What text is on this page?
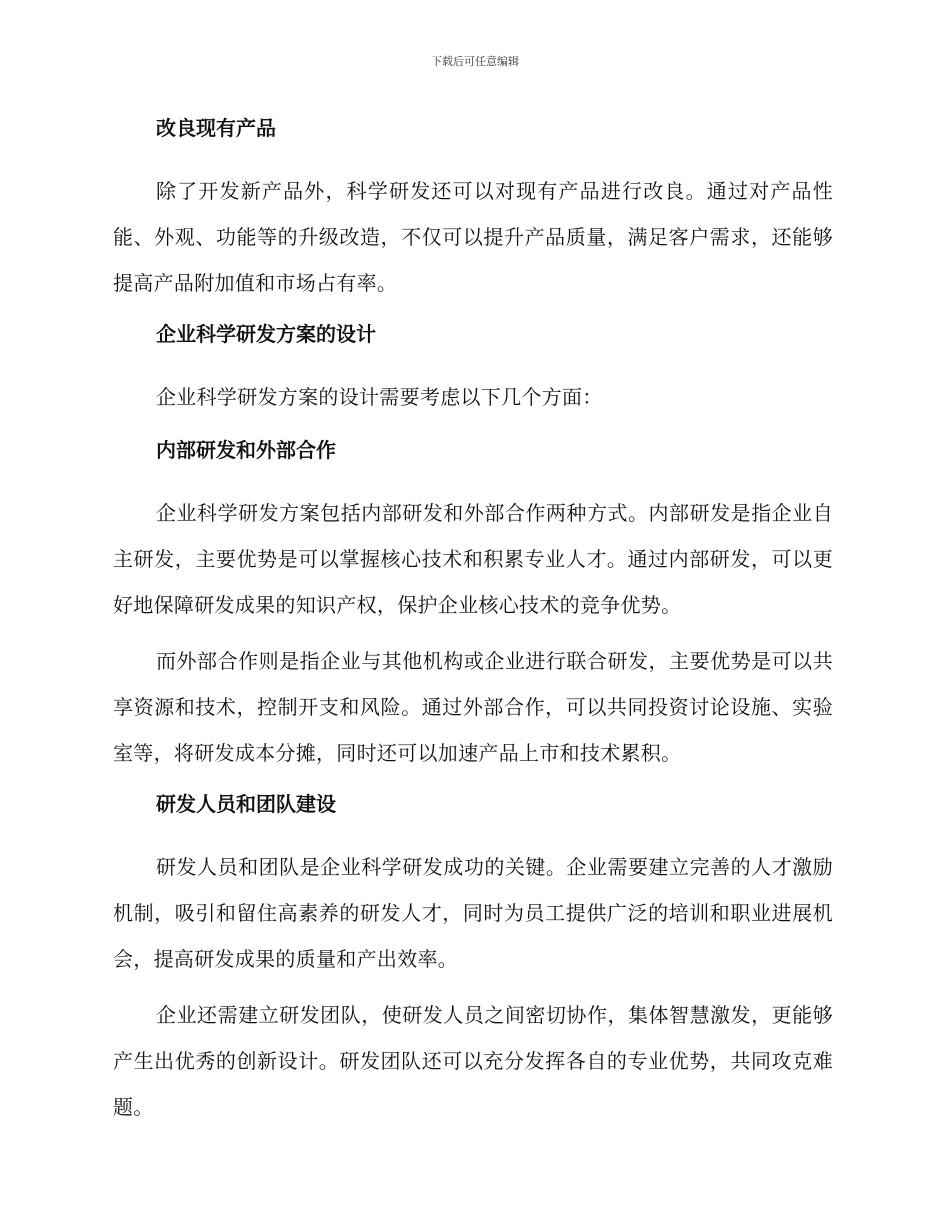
下载后可任意编辑
改良现有产品

除了开发新产品外，科学研发还可以对现有产品进行改良。通过对产品性能、外观、功能等的升级改造，不仅可以提升产品质量，满足客户需求，还能够提高产品附加值和市场占有率。

企业科学研发方案的设计

企业科学研发方案的设计需要考虑以下几个方面：

内部研发和外部合作

企业科学研发方案包括内部研发和外部合作两种方式。内部研发是指企业自主研发，主要优势是可以掌握核心技术和积累专业人才。通过内部研发，可以更好地保障研发成果的知识产权，保护企业核心技术的竞争优势。

而外部合作则是指企业与其他机构或企业进行联合研发，主要优势是可以共享资源和技术，控制开支和风险。通过外部合作，可以共同投资讨论设施、实验室等，将研发成本分摊，同时还可以加速产品上市和技术累积。

研发人员和团队建设

研发人员和团队是企业科学研发成功的关键。企业需要建立完善的人才激励机制，吸引和留住高素养的研发人才，同时为员工提供广泛的培训和职业进展机会，提高研发成果的质量和产出效率。

企业还需建立研发团队，使研发人员之间密切协作，集体智慧激发，更能够产生出优秀的创新设计。研发团队还可以充分发挥各自的专业优势，共同攻克难题。
